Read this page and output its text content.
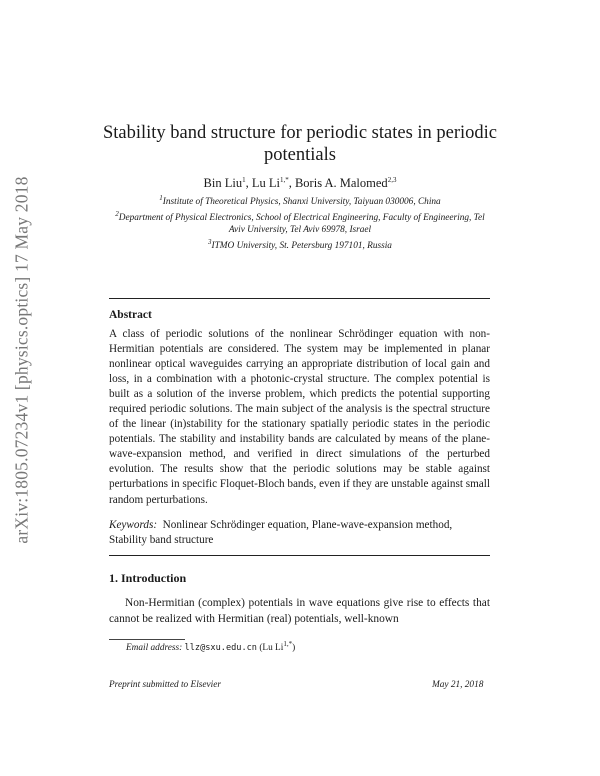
arXiv:1805.07234v1 [physics.optics] 17 May 2018
Stability band structure for periodic states in periodic potentials
Bin Liu$^1$, Lu $Li^{1,*}$, Boris A. Malomed$^{2,3}$
$^1$Institute of Theoretical Physics, Shanxi University, Taiyuan 030006, China
$^2$Department of Physical Electronics, School of Electrical Engineering, Faculty of Engineering, Tel Aviv University, Tel Aviv 69978, Israel
$^3$ITMO University, St. Petersburg 197101, Russia
Abstract
A class of periodic solutions of the nonlinear Schrödinger equation with non-Hermitian potentials are considered. The system may be implemented in planar nonlinear optical waveguides carrying an appropriate distribution of local gain and loss, in a combination with a photonic-crystal structure. The complex potential is built as a solution of the inverse problem, which predicts the potential supporting required periodic solutions. The main subject of the analysis is the spectral structure of the linear (in)stability for the stationary spatially periodic states in the periodic potentials. The stability and instability bands are calculated by means of the plane-wave-expansion method, and verified in direct simulations of the perturbed evolution. The results show that the periodic solutions may be stable against perturbations in specific Floquet-Bloch bands, even if they are unstable against small random perturbations.
Keywords: Nonlinear Schrödinger equation, Plane-wave-expansion method, Stability band structure
1. Introduction
Non-Hermitian (complex) potentials in wave equations give rise to effects that cannot be realized with Hermitian (real) potentials, well-known
Email address: llz@sxu.edu.cn (Lu $Li^{1,*}$)
Preprint submitted to Elsevier	May 21, 2018
